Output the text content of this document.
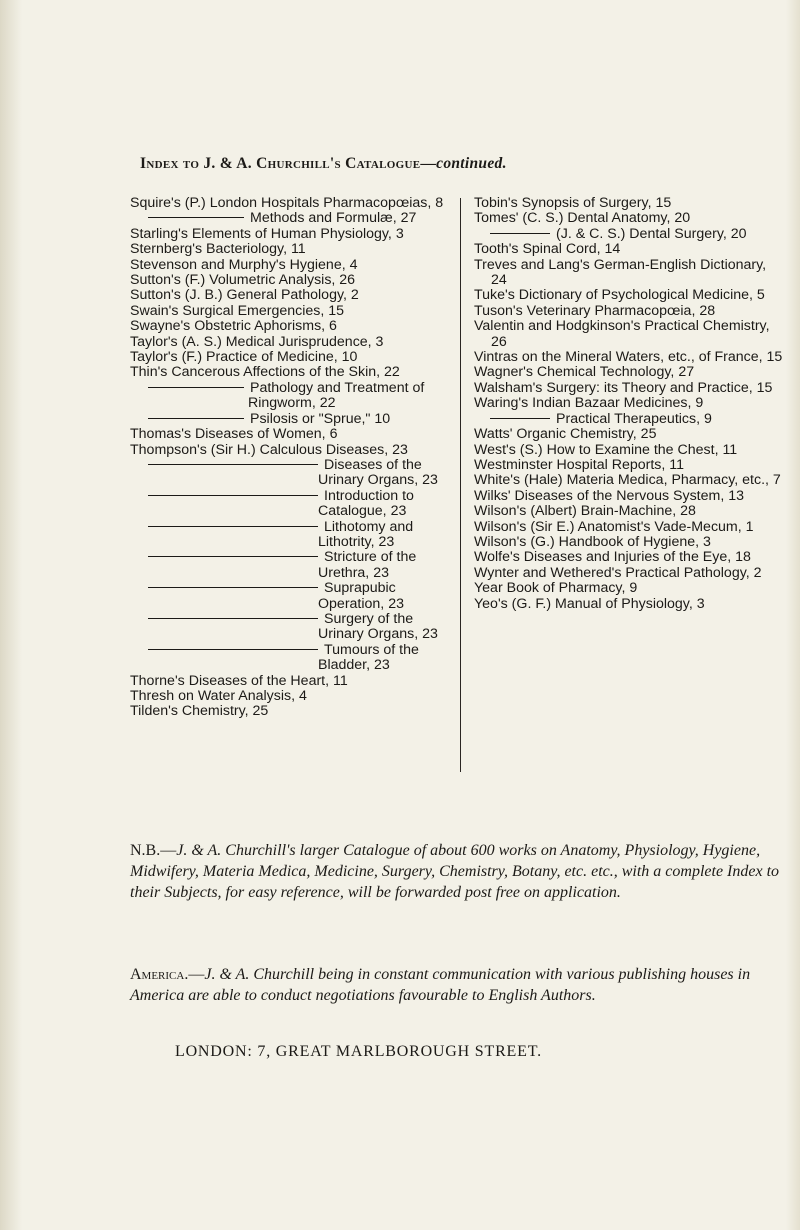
Index to J. & A. Churchill's Catalogue—continued.

Squire's (P.) London Hospitals Pharmacopœias, 8

Methods and Formulæ, 27

Starling's Elements of Human Physiology, 3

Sternberg's Bacteriology, 11

Stevenson and Murphy's Hygiene, 4

Sutton's (F.) Volumetric Analysis, 26

Sutton's (J. B.) General Pathology, 2

Swain's Surgical Emergencies, 15

Swayne's Obstetric Aphorisms, 6

Taylor's (A. S.) Medical Jurisprudence, 3

Taylor's (F.) Practice of Medicine, 10

Thin's Cancerous Affections of the Skin, 22

Pathology and Treatment of Ringworm, 22

Psilosis or "Sprue," 10

Thomas's Diseases of Women, 6

Thompson's (Sir H.) Calculous Diseases, 23

Diseases of the Urinary Organs, 23

Introduction to Catalogue, 23

Lithotomy and Lithotrity, 23

Stricture of the Urethra, 23

Suprapubic Operation, 23

Surgery of the Urinary Organs, 23

Tumours of the Bladder, 23

Thorne's Diseases of the Heart, 11

Thresh on Water Analysis, 4

Tilden's Chemistry, 25

Tobin's Synopsis of Surgery, 15

Tomes' (C. S.) Dental Anatomy, 20

(J. & C. S.) Dental Surgery, 20

Tooth's Spinal Cord, 14

Treves and Lang's German-English Dictionary, 24

Tuke's Dictionary of Psychological Medicine, 5

Tuson's Veterinary Pharmacopœia, 28

Valentin and Hodgkinson's Practical Chemistry, 26

Vintras on the Mineral Waters, etc., of France, 15

Wagner's Chemical Technology, 27

Walsham's Surgery: its Theory and Practice, 15

Waring's Indian Bazaar Medicines, 9

Practical Therapeutics, 9

Watts' Organic Chemistry, 25

West's (S.) How to Examine the Chest, 11

Westminster Hospital Reports, 11

White's (Hale) Materia Medica, Pharmacy, etc., 7

Wilks' Diseases of the Nervous System, 13

Wilson's (Albert) Brain-Machine, 28

Wilson's (Sir E.) Anatomist's Vade-Mecum, 1

Wilson's (G.) Handbook of Hygiene, 3

Wolfe's Diseases and Injuries of the Eye, 18

Wynter and Wethered's Practical Pathology, 2

Year Book of Pharmacy, 9

Yeo's (G. F.) Manual of Physiology, 3

N.B.—J. & A. Churchill's larger Catalogue of about 600 works on Anatomy, Physiology, Hygiene, Midwifery, Materia Medica, Medicine, Surgery, Chemistry, Botany, etc. etc., with a complete Index to their Subjects, for easy reference, will be forwarded post free on application.
America.—J. & A. Churchill being in constant communication with various publishing houses in America are able to conduct negotiations favourable to English Authors.
LONDON: 7, GREAT MARLBOROUGH STREET.
